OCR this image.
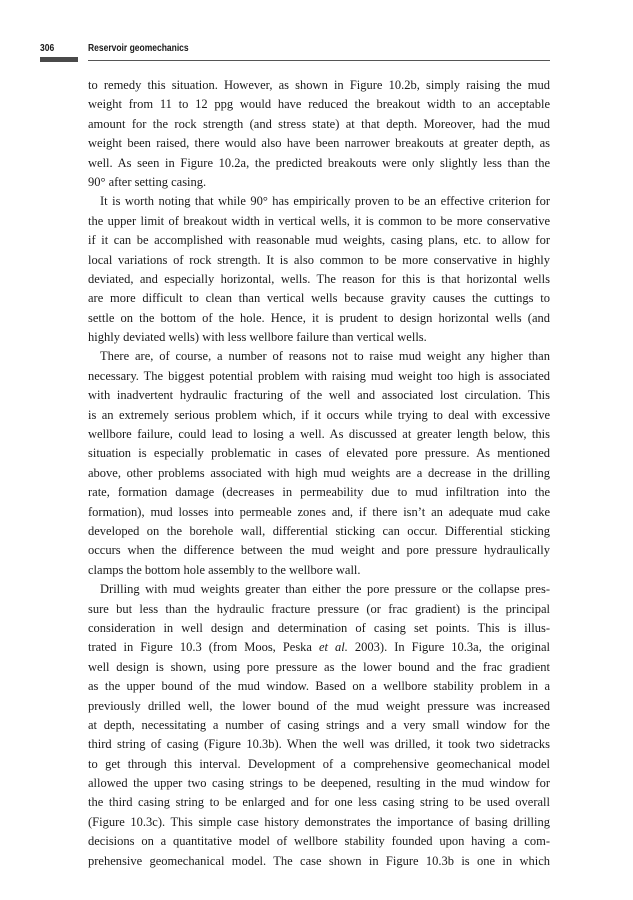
306	Reservoir geomechanics
to remedy this situation. However, as shown in Figure 10.2b, simply raising the mud
weight from 11 to 12 ppg would have reduced the breakout width to an acceptable
amount for the rock strength (and stress state) at that depth. Moreover, had the mud
weight been raised, there would also have been narrower breakouts at greater depth, as
well. As seen in Figure 10.2a, the predicted breakouts were only slightly less than the
90° after setting casing.
It is worth noting that while 90° has empirically proven to be an effective criterion for
the upper limit of breakout width in vertical wells, it is common to be more conservative
if it can be accomplished with reasonable mud weights, casing plans, etc. to allow for
local variations of rock strength. It is also common to be more conservative in highly
deviated, and especially horizontal, wells. The reason for this is that horizontal wells
are more difficult to clean than vertical wells because gravity causes the cuttings to
settle on the bottom of the hole. Hence, it is prudent to design horizontal wells (and
highly deviated wells) with less wellbore failure than vertical wells.
There are, of course, a number of reasons not to raise mud weight any higher than
necessary. The biggest potential problem with raising mud weight too high is associated
with inadvertent hydraulic fracturing of the well and associated lost circulation. This
is an extremely serious problem which, if it occurs while trying to deal with excessive
wellbore failure, could lead to losing a well. As discussed at greater length below, this
situation is especially problematic in cases of elevated pore pressure. As mentioned
above, other problems associated with high mud weights are a decrease in the drilling
rate, formation damage (decreases in permeability due to mud infiltration into the
formation), mud losses into permeable zones and, if there isn’t an adequate mud cake
developed on the borehole wall, differential sticking can occur. Differential sticking
occurs when the difference between the mud weight and pore pressure hydraulically
clamps the bottom hole assembly to the wellbore wall.
Drilling with mud weights greater than either the pore pressure or the collapse pres-
sure but less than the hydraulic fracture pressure (or frac gradient) is the principal
consideration in well design and determination of casing set points. This is illus-
trated in Figure 10.3 (from Moos, Peska et al. 2003). In Figure 10.3a, the original
well design is shown, using pore pressure as the lower bound and the frac gradient
as the upper bound of the mud window. Based on a wellbore stability problem in a
previously drilled well, the lower bound of the mud weight pressure was increased
at depth, necessitating a number of casing strings and a very small window for the
third string of casing (Figure 10.3b). When the well was drilled, it took two sidetracks
to get through this interval. Development of a comprehensive geomechanical model
allowed the upper two casing strings to be deepened, resulting in the mud window for
the third casing string to be enlarged and for one less casing string to be used overall
(Figure 10.3c). This simple case history demonstrates the importance of basing drilling
decisions on a quantitative model of wellbore stability founded upon having a com-
prehensive geomechanical model. The case shown in Figure 10.3b is one in which
